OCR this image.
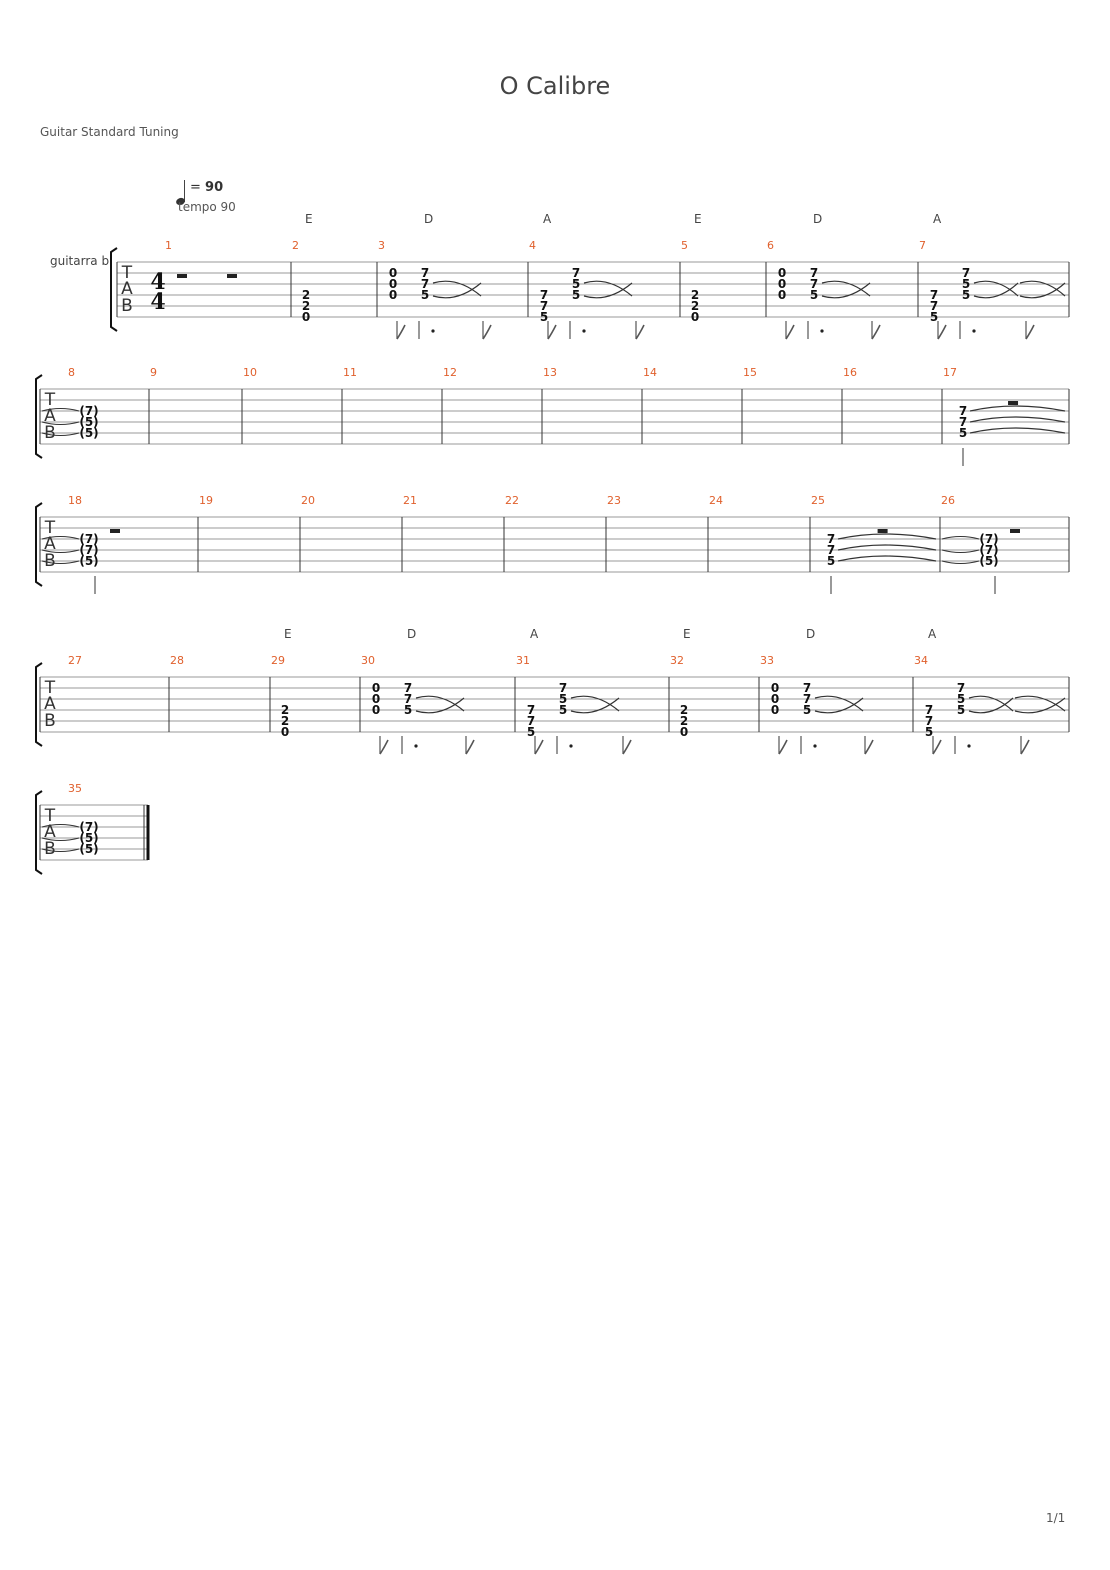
O Calibre
Guitar Standard Tuning
= 90
tempo 90
guitarra b
T
A
B
4
4
1	2
E
2
2
0
3
D
0
0
0
7
7
5
4
A
7
7
5
7
5
5
5
E
2
2
0
6
D
0
0
0
7
7
5
7
A
7
7
5
7
5
5
T
A
B
8
(7)
(5)
(5)
9	10	11	12	13	14	15	16	17
7
7
5
T
A
B
18
(7)
(7)
(5)
19	20	21	22	23	24	25
7
7
5
26
(7)
(7)
(5)
T
A
B
27	28	29
E
2
2
0
30
D
0
0
0
7
7
5
31
A
7
7
5
7
5
5
32
E
2
2
0
33
D
0
0
0
7
7
5
34
A
7
7
5
7
5
5
T
A
B
35
(7)
(5)
(5)
1/1
